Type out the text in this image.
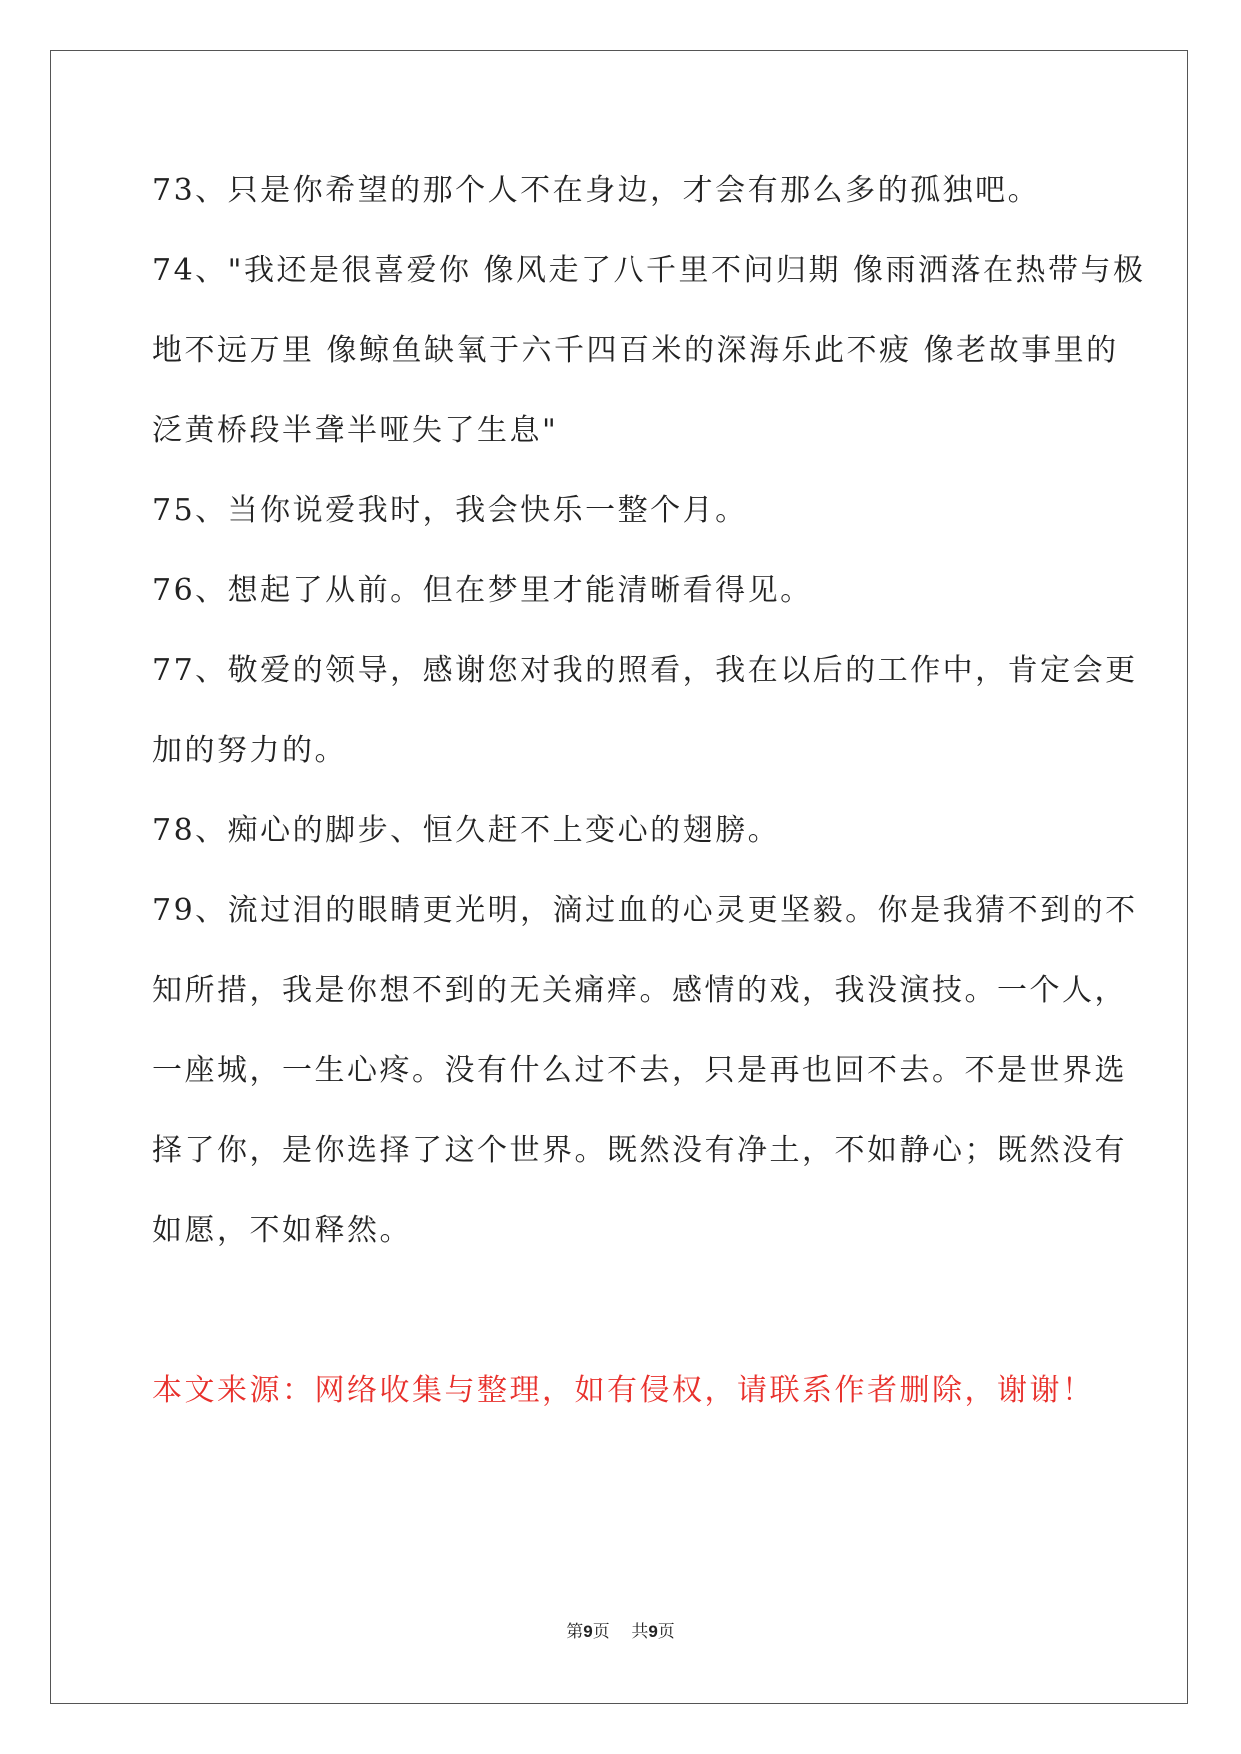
73、只是你希望的那个人不在身边，才会有那么多的孤独吧。

74、"我还是很喜爱你 像风走了八千里不问归期 像雨洒落在热带与极

地不远万里 像鲸鱼缺氧于六千四百米的深海乐此不疲 像老故事里的

泛黄桥段半聋半哑失了生息"

75、当你说爱我时，我会快乐一整个月。

76、想起了从前。但在梦里才能清晰看得见。

77、敬爱的领导，感谢您对我的照看，我在以后的工作中，肯定会更

加的努力的。

78、痴心的脚步、恒久赶不上变心的翅膀。

79、流过泪的眼睛更光明，滴过血的心灵更坚毅。你是我猜不到的不

知所措，我是你想不到的无关痛痒。感情的戏，我没演技。一个人，

一座城，一生心疼。没有什么过不去，只是再也回不去。不是世界选

择了你，是你选择了这个世界。既然没有净土，不如静心；既然没有

如愿，不如释然。

本文来源：网络收集与整理，如有侵权，请联系作者删除，谢谢！

第9页 共9页
